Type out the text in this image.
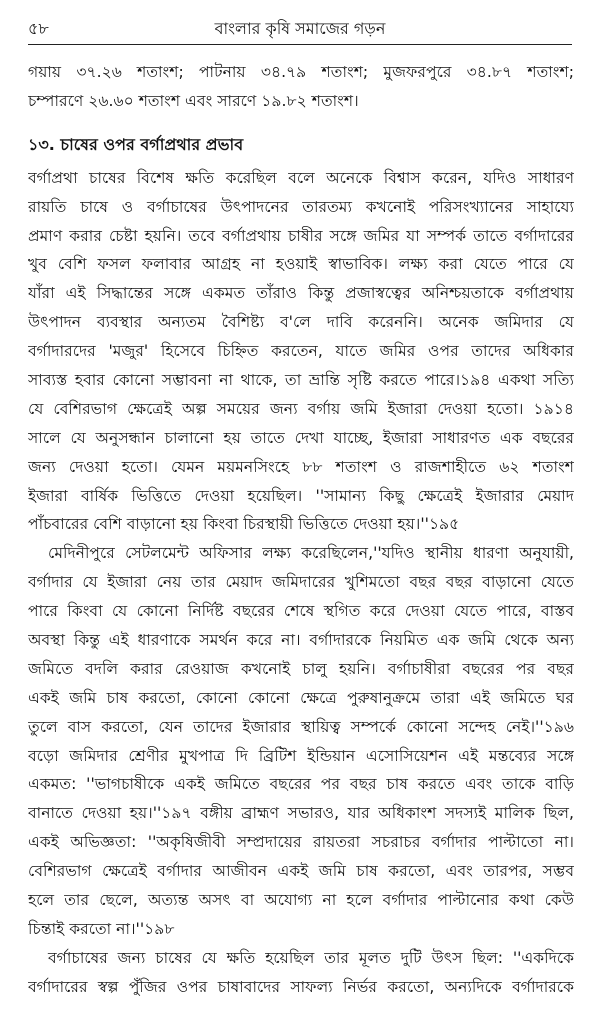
৫৮	বাংলার কৃষি সমাজের গড়ন
গয়ায় ৩৭.২৬ শতাংশ; পাটনায় ৩৪.৭৯ শতাংশ; মুজফরপুরে ৩৪.৮৭ শতাংশ;
চম্পারণে ২৬.৬০ শতাংশ এবং সারণে ১৯.৮২ শতাংশ।
১৩. চাষের ওপর বর্গাপ্রথার প্রভাব
বর্গাপ্রথা চাষের বিশেষ ক্ষতি করেছিল বলে অনেকে বিশ্বাস করেন, যদিও সাধারণ
রায়তি চাষে ও বর্গাচাষের উৎপাদনের তারতম্য কখনোই পরিসংখ্যানের সাহায্যে
প্রমাণ করার চেষ্টা হয়নি। তবে বর্গাপ্রথায় চাষীর সঙ্গে জমির যা সম্পর্ক তাতে বর্গাদারের
খুব বেশি ফসল ফলাবার আগ্রহ না হওয়াই স্বাভাবিক। লক্ষ্য করা যেতে পারে যে
যাঁরা এই সিদ্ধান্তের সঙ্গে একমত তাঁরাও কিন্তু প্রজাস্বত্বের অনিশ্চয়তাকে বর্গাপ্রথায়
উৎপাদন ব্যবস্থার অন্যতম বৈশিষ্ট্য ব'লে দাবি করেননি। অনেক জমিদার যে
বর্গাদারদের 'মজুর' হিসেবে চিহ্নিত করতেন, যাতে জমির ওপর তাদের অধিকার
সাব্যস্ত হবার কোনো সম্ভাবনা না থাকে, তা ভ্রান্তি সৃষ্টি করতে পারে।১৯৪ একথা সত্যি
যে বেশিরভাগ ক্ষেত্রেই অল্প সময়ের জন্য বর্গায় জমি ইজারা দেওয়া হতো। ১৯১৪
সালে যে অনুসন্ধান চালানো হয় তাতে দেখা যাচ্ছে, ইজারা সাধারণত এক বছরের
জন্য দেওয়া হতো। যেমন ময়মনসিংহে ৮৮ শতাংশ ও রাজশাহীতে ৬২ শতাংশ
ইজারা বার্ষিক ভিত্তিতে দেওয়া হয়েছিল। ''সামান্য কিছু ক্ষেত্রেই ইজারার মেয়াদ
পাঁচবারের বেশি বাড়ানো হয় কিংবা চিরস্থায়ী ভিত্তিতে দেওয়া হয়।''১৯৫
মেদিনীপুরে সেটলমেন্ট অফিসার লক্ষ্য করেছিলেন,''যদিও স্থানীয় ধারণা অনুযায়ী,
বর্গাদার যে ইজারা নেয় তার মেয়াদ জমিদারের খুশিমতো বছর বছর বাড়ানো যেতে
পারে কিংবা যে কোনো নির্দিষ্ট বছরের শেষে স্থগিত করে দেওয়া যেতে পারে, বাস্তব
অবস্থা কিন্তু এই ধারণাকে সমর্থন করে না। বর্গাদারকে নিয়মিত এক জমি থেকে অন্য
জমিতে বদলি করার রেওয়াজ কখনোই চালু হয়নি। বর্গাচাষীরা বছরের পর বছর
একই জমি চাষ করতো, কোনো কোনো ক্ষেত্রে পুরুষানুক্রমে তারা এই জমিতে ঘর
তুলে বাস করতো, যেন তাদের ইজারার স্থায়িত্ব সম্পর্কে কোনো সন্দেহ নেই।''১৯৬
বড়ো জমিদার শ্রেণীর মুখপাত্র দি ব্রিটিশ ইন্ডিয়ান এসোসিয়েশন এই মন্তব্যের সঙ্গে
একমত: ''ভাগচাষীকে একই জমিতে বছরের পর বছর চাষ করতে এবং তাকে বাড়ি
বানাতে দেওয়া হয়।''১৯৭ বঙ্গীয় ব্রাহ্মণ সভারও, যার অধিকাংশ সদস্যই মালিক ছিল,
একই অভিজ্ঞতা: ''অকৃষিজীবী সম্প্রদায়ের রায়তরা সচরাচর বর্গাদার পাল্টাতো না।
বেশিরভাগ ক্ষেত্রেই বর্গাদার আজীবন একই জমি চাষ করতো, এবং তারপর, সম্ভব
হলে তার ছেলে, অত্যন্ত অসৎ বা অযোগ্য না হলে বর্গাদার পাল্টানোর কথা কেউ
চিন্তাই করতো না।''১৯৮
বর্গাচাষের জন্য চাষের যে ক্ষতি হয়েছিল তার মূলত দুটি উৎস ছিল: ''একদিকে
বর্গাদারের স্বল্প পুঁজির ওপর চাষাবাদের সাফল্য নির্ভর করতো, অন্যদিকে বর্গাদারকে
